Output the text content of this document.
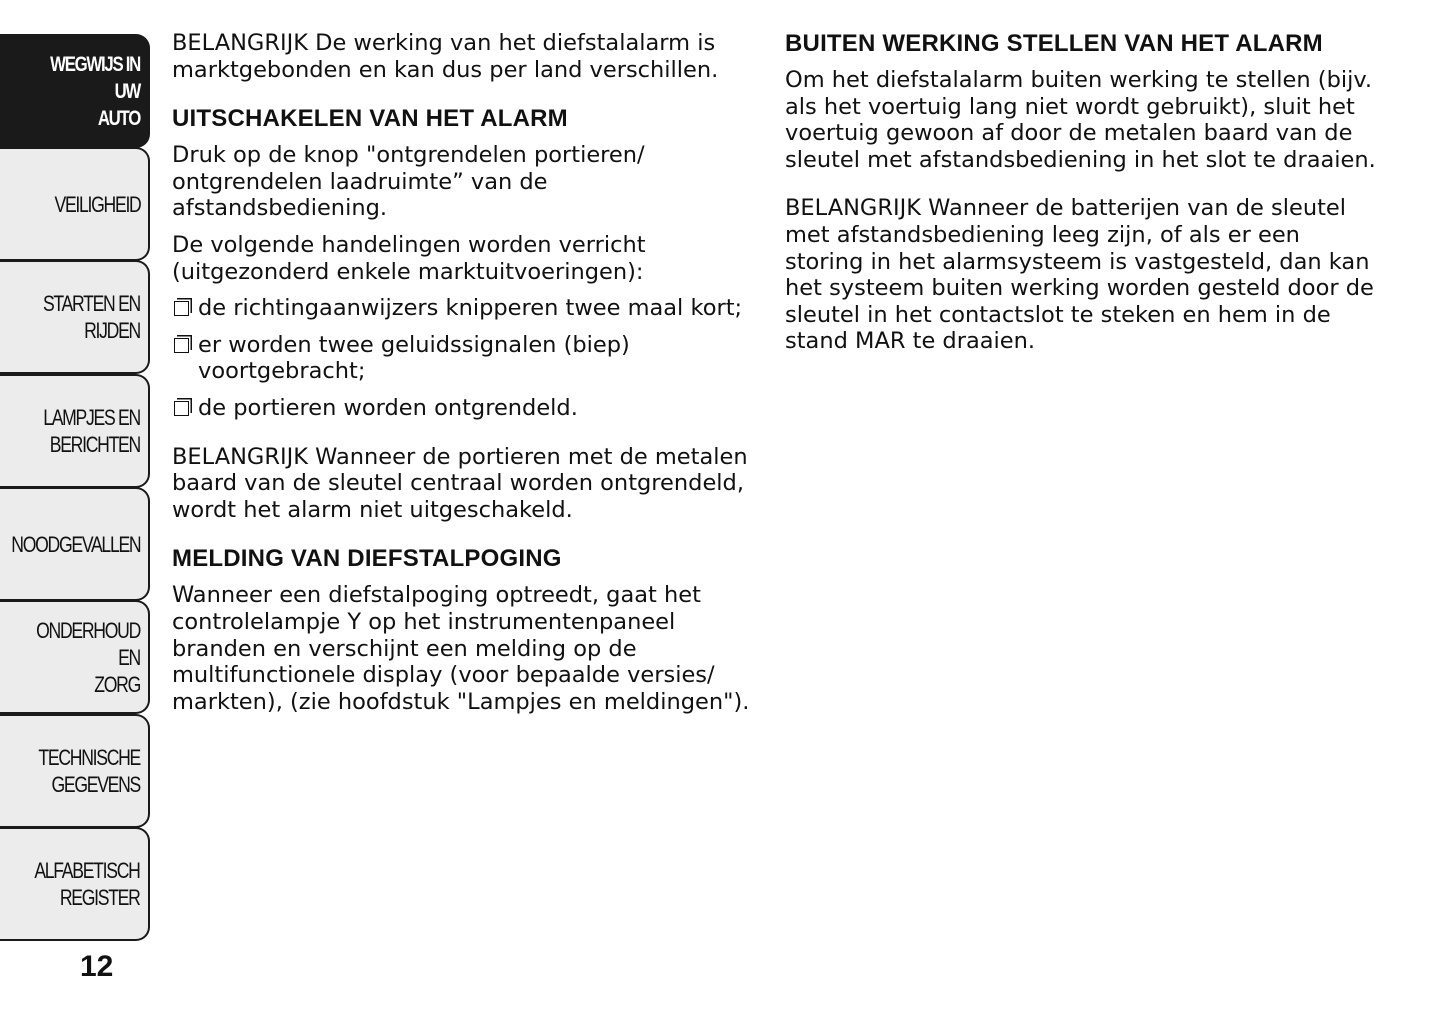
WEGWIJS IN UW
AUTO
VEILIGHEID
STARTEN EN RIJDEN
LAMPJES EN
BERICHTEN
NOODGEVALLEN
ONDERHOUD EN
ZORG
TECHNISCHE
GEGEVENS
ALFABETISCH
REGISTER
12

BELANGRIJK De werking van het diefstalalarm is marktgebonden en kan dus per land verschillen.

UITSCHAKELEN VAN HET ALARM

Druk op de knop "ontgrendelen portieren/ ontgrendelen laadruimte” van de afstandsbediening.

De volgende handelingen worden verricht (uitgezonderd enkele marktuitvoeringen):

de richtingaanwijzers knipperen twee maal kort;
er worden twee geluidssignalen (biep) voortgebracht;
de portieren worden ontgrendeld.

BELANGRIJK Wanneer de portieren met de metalen baard van de sleutel centraal worden ontgrendeld, wordt het alarm niet uitgeschakeld.

MELDING VAN DIEFSTALPOGING

Wanneer een diefstalpoging optreedt, gaat het controlelampje Y op het instrumentenpaneel branden en verschijnt een melding op de multifunctionele display (voor bepaalde versies/ markten), (zie hoofdstuk "Lampjes en meldingen").

BUITEN WERKING STELLEN VAN HET ALARM

Om het diefstalalarm buiten werking te stellen (bijv. als het voertuig lang niet wordt gebruikt), sluit het voertuig gewoon af door de metalen baard van de sleutel met afstandsbediening in het slot te draaien.

BELANGRIJK Wanneer de batterijen van de sleutel met afstandsbediening leeg zijn, of als er een storing in het alarmsysteem is vastgesteld, dan kan het systeem buiten werking worden gesteld door de sleutel in het contactslot te steken en hem in de stand MAR te draaien.
